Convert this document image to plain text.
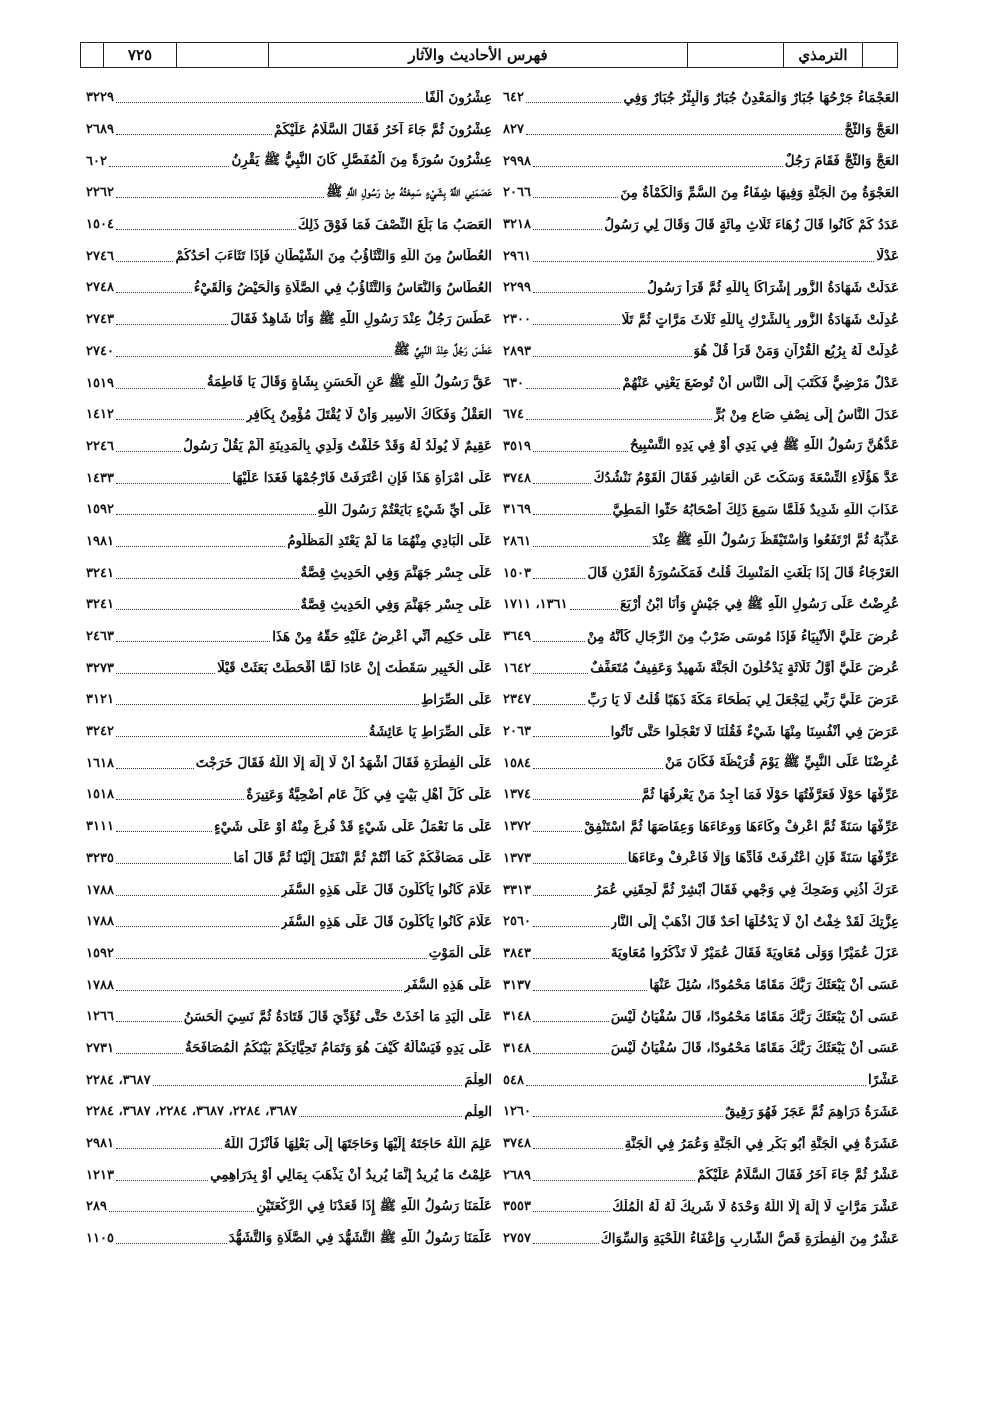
الترمذي
فهرس الأحاديث والآثار
٧٢٥
العَجْمَاءُ جَرْحُهَا جُبَارٌ وَالْمَعْدِنُ جُبَارٌ وَالْبِئْرُ جُبَارٌ وَفِي
٦٤٢
العَجُّ وَالثَّجُّ
٨٢٧
العَجُّ وَالثَّجُّ فَقَامَ رَجُلٌ
٢٩٩٨
العَجْوَةُ مِنَ الْجَنَّةِ وَفِيهَا شِفَاءٌ مِنَ السُّمِّ وَالْكَمْأَةُ مِنَ
٢٠٦٦
عَدَدُ كَمْ كَانُوا قَالَ زُهَاءَ ثَلَاثِ مِائَةٍ قَالَ وَقَالَ لِي رَسُولُ
٣٢١٨
عَدْلًا
٢٩٦١
عَدَلَتْ شَهَادَةُ الزُّورِ إِشْرَاكًا بِاللَّهِ ثُمَّ قَرَأَ رَسُولُ
٢٢٩٩
عُدِلَتْ شَهَادَةُ الزُّورِ بِالشِّرْكِ بِاللَّهِ ثَلَاثَ مَرَّاتٍ ثُمَّ تَلَا
٢٣٠٠
عُدِلَتْ لَهُ بِرُبُعِ الْقُرْآنِ وَمَنْ قَرَأَ قُلْ هُوَ
٢٨٩٣
عَدْلٌ مَرْضِيٌّ فَكَتَبَ إِلَى النَّاسِ أَنْ تُوضَعَ يَعْنِي عَنْهُمْ
٦٣٠
عَدَلَ النَّاسُ إِلَى نِصْفِ صَاعٍ مِنْ بُرٍّ
٦٧٤
عَدُّهُنَّ رَسُولُ اللَّهِ ﷺ فِي يَدِي أَوْ فِي يَدِهِ التَّسْبِيحُ
٣٥١٩
عَدَّ هَؤُلَاءِ التِّسْعَةَ وَسَكَتَ عَنِ الْعَاشِرِ فَقَالَ الْقَوْمُ نَنْشُدُكَ
٣٧٤٨
عَذَابَ اللَّهِ شَدِيدٌ فَلَمَّا سَمِعَ ذَلِكَ أَصْحَابُهُ حَثُّوا الْمَطِيَّ
٣١٦٩
عَذَّبَهُ ثُمَّ ارْتَفَعُوا وَاسْتَيْقَظَ رَسُولُ اللَّهِ ﷺ عِنْدَ
٢٨٦١
العَرْجَاءُ قَالَ إِذَا بَلَغَتِ الْمَنْسِكَ قُلْتُ فَمَكْسُورَةُ الْقَرْنِ قَالَ
١٥٠٣
عُرِضْتُ عَلَى رَسُولِ اللَّهِ ﷺ فِي جَيْشٍ وَأَنَا ابْنُ أَرْبَعَ
١٣٦١، ١٧١١
عُرِضَ عَلَيَّ الْأَنْبِيَاءُ فَإِذَا مُوسَى ضَرْبٌ مِنَ الرِّجَالِ كَأَنَّهُ مِنْ
٣٦٤٩
عُرِضَ عَلَيَّ أَوَّلُ ثَلَاثَةٍ يَدْخُلُونَ الْجَنَّةَ شَهِيدٌ وَعَفِيفٌ مُتَعَفِّفٌ
١٦٤٢
عَرَضَ عَلَيَّ رَبِّي لِيَجْعَلَ لِي بَطْحَاءَ مَكَّةَ ذَهَبًا قُلْتُ لَا يَا رَبِّ
٢٣٤٧
عَرَضَ فِي أَنْفُسِنَا مِنْهَا شَيْءٌ فَقُلْنَا لَا تَعْجَلُوا حَتَّى تَأْتُوا
٢٠٦٣
عُرِضْنَا عَلَى النَّبِيِّ ﷺ يَوْمَ قُرَيْظَةَ فَكَانَ مَنْ
١٥٨٤
عَرِّفْهَا حَوْلًا فَعَرَّفْتُهَا حَوْلًا فَمَا أَجِدُ مَنْ يَعْرِفُهَا ثُمَّ
١٣٧٤
عَرِّفْهَا سَنَةً ثُمَّ اعْرِفْ وِكَاءَهَا وَوِعَاءَهَا وَعِفَاصَهَا ثُمَّ اسْتَنْفِقْ
١٣٧٢
عَرِّفْهَا سَنَةً فَإِنِ اعْتُرِفَتْ فَأَدِّهَا وَإِلَّا فَاعْرِفْ وِعَاءَهَا
١٣٧٣
عَرَكَ أُذُنِي وَضَحِكَ فِي وَجْهِي فَقَالَ أَبْشِرْ ثُمَّ لَحِقَنِي عُمَرُ
٣٣١٣
عِزَّتِكَ لَقَدْ خِفْتُ أَنْ لَا يَدْخُلَهَا أَحَدٌ قَالَ اذْهَبْ إِلَى النَّارِ
٢٥٦٠
عَزَلَ عُمَيْرًا وَوَلَّى مُعَاوِيَةَ فَقَالَ عُمَيْرٌ لَا تَذْكُرُوا مُعَاوِيَةَ
٣٨٤٣
عَسَى أَنْ يَبْعَثَكَ رَبُّكَ مَقَامًا مَحْمُودًا، سُئِلَ عَنْهَا
٣١٣٧
عَسَى أَنْ يَبْعَثَكَ رَبُّكَ مَقَامًا مَحْمُودًا، قَالَ سُفْيَانُ لَيْسَ
٣١٤٨
عَسَى أَنْ يَبْعَثَكَ رَبُّكَ مَقَامًا مَحْمُودًا، قَالَ سُفْيَانُ لَيْسَ
٣١٤٨
عَشْرًا
٥٤٨
عَشَرَةُ دَرَاهِمَ ثُمَّ عَجَزَ فَهُوَ رَقِيقٌ
١٢٦٠
عَشَرَةٌ فِي الْجَنَّةِ أَبُو بَكْرٍ فِي الْجَنَّةِ وَعُمَرُ فِي الْجَنَّةِ
٣٧٤٨
عَشْرٌ ثُمَّ جَاءَ آخَرُ فَقَالَ السَّلَامُ عَلَيْكُمْ
٢٦٨٩
عَشْرَ مَرَّاتٍ لَا إِلَهَ إِلَّا اللَّهُ وَحْدَهُ لَا شَرِيكَ لَهُ لَهُ الْمُلْكُ
٣٥٥٣
عَشْرٌ مِنَ الْفِطْرَةِ قَصُّ الشَّارِبِ وَإِعْفَاءُ اللِّحْيَةِ وَالسِّوَاكُ
٢٧٥٧
عِشْرُونَ أَلْفًا
٣٢٢٩
عِشْرُونَ ثُمَّ جَاءَ آخَرُ فَقَالَ السَّلَامُ عَلَيْكُمْ
٢٦٨٩
عِشْرُونَ سُورَةً مِنَ الْمُفَصَّلِ كَانَ النَّبِيُّ ﷺ يَقْرِنُ
٦٠٢
عَصَمَنِي اللَّهُ بِشَيْءٍ سَمِعْتُهُ مِنْ رَسُولِ اللَّهِ ﷺ
٢٢٦٢
العَصَبُ مَا بَلَغَ النِّصْفَ فَمَا فَوْقَ ذَلِكَ
١٥٠٤
العُطَاسُ مِنَ اللَّهِ وَالتَّثَاؤُبُ مِنَ الشَّيْطَانِ فَإِذَا تَثَاءَبَ أَحَدُكُمْ
٢٧٤٦
العُطَاسُ وَالنُّعَاسُ وَالتَّثَاؤُبُ فِي الصَّلَاةِ وَالْحَيْضُ وَالْقَيْءُ
٢٧٤٨
عَطَسَ رَجُلٌ عِنْدَ رَسُولِ اللَّهِ ﷺ وَأَنَا شَاهِدٌ فَقَالَ
٢٧٤٣
عَطَسَ رَجُلٌ عِنْدَ النَّبِيِّ ﷺ
٢٧٤٠
عَقَّ رَسُولُ اللَّهِ ﷺ عَنِ الْحَسَنِ بِشَاةٍ وَقَالَ يَا فَاطِمَةُ
١٥١٩
العَقْلُ وَفَكَاكُ الْأَسِيرِ وَأَنْ لَا يُقْتَلَ مُؤْمِنٌ بِكَافِرٍ
١٤١٢
عَقِيمٌ لَا يُولَدُ لَهُ وَقَدْ خَلَّفْتُ وَلَدِي بِالْمَدِينَةِ أَلَمْ يَقُلْ رَسُولُ
٢٢٤٦
عَلَى امْرَأَةِ هَذَا فَإِنِ اعْتَرَفَتْ فَارْجُمْهَا فَغَدَا عَلَيْهَا
١٤٣٣
عَلَى أَيِّ شَيْءٍ بَايَعْتُمْ رَسُولَ اللَّهِ
١٥٩٢
عَلَى الْبَادِي مِنْهُمَا مَا لَمْ يَعْتَدِ الْمَظْلُومُ
١٩٨١
عَلَى جِسْرِ جَهَنَّمَ وَفِي الْحَدِيثِ قِصَّةٌ
٣٢٤١
عَلَى جِسْرِ جَهَنَّمَ وَفِي الْحَدِيثِ قِصَّةٌ
٣٢٤١
عَلَى حَكِيمٍ أَنِّي أَعْرِضُ عَلَيْهِ حَقَّهُ مِنْ هَذَا
٢٤٦٣
عَلَى الْخَبِيرِ سَقَطْتَ إِنْ عَادَا لَمَّا أَقْحَطَتْ بَعَثَتْ قَيْلًا
٣٢٧٣
عَلَى الصِّرَاطِ
٣١٢١
عَلَى الصِّرَاطِ يَا عَائِشَةُ
٣٢٤٢
عَلَى الْفِطْرَةِ فَقَالَ أَشْهَدُ أَنْ لَا إِلَهَ إِلَّا اللَّهُ فَقَالَ خَرَجْتَ
١٦١٨
عَلَى كُلِّ أَهْلِ بَيْتٍ فِي كُلِّ عَامٍ أُضْحِيَّةٌ وَعَتِيرَةٌ
١٥١٨
عَلَى مَا نَعْمَلُ عَلَى شَيْءٍ قَدْ فُرِغَ مِنْهُ أَوْ عَلَى شَيْءٍ
٣١١١
عَلَى مَصَافِّكُمْ كَمَا أَنْتُمْ ثُمَّ انْفَتَلَ إِلَيْنَا ثُمَّ قَالَ أَمَا
٣٢٣٥
عَلَامَ كَانُوا يَأْكُلُونَ قَالَ عَلَى هَذِهِ السُّفَرِ
١٧٨٨
عَلَامَ كَانُوا يَأْكُلُونَ قَالَ عَلَى هَذِهِ السُّفَرِ
١٧٨٨
عَلَى الْمَوْتِ
١٥٩٢
عَلَى هَذِهِ السُّفَرِ
١٧٨٨
عَلَى الْيَدِ مَا أَخَذَتْ حَتَّى تُؤَدِّيَ قَالَ قَتَادَةُ ثُمَّ نَسِيَ الْحَسَنُ
١٢٦٦
عَلَى يَدِهِ فَيَسْأَلُهُ كَيْفَ هُوَ وَتَمَامُ تَحِيَّاتِكُمْ بَيْنَكُمُ الْمُصَافَحَةُ
٢٧٣١
العِلْمَ
٣٦٨٧، ٢٢٨٤
العِلْمِ
٣٦٨٧، ٢٢٨٤، ٣٦٨٧، ٢٢٨٤، ٣٦٨٧، ٢٢٨٤
عَلِمَ اللَّهُ حَاجَتَهُ إِلَيْهَا وَحَاجَتَهَا إِلَى بَعْلِهَا فَأَنْزَلَ اللَّهُ
٢٩٨١
عَلِمْتُ مَا يُرِيدُ إِنَّمَا يُرِيدُ أَنْ يَذْهَبَ بِمَالِي أَوْ بِدَرَاهِمِي
١٢١٣
عَلَّمَنَا رَسُولُ اللَّهِ ﷺ إِذَا قَعَدْنَا فِي الرَّكْعَتَيْنِ
٢٨٩
عَلَّمَنَا رَسُولُ اللَّهِ ﷺ التَّشَهُّدَ فِي الصَّلَاةِ وَالتَّشَهُّدَ
١١٠٥
